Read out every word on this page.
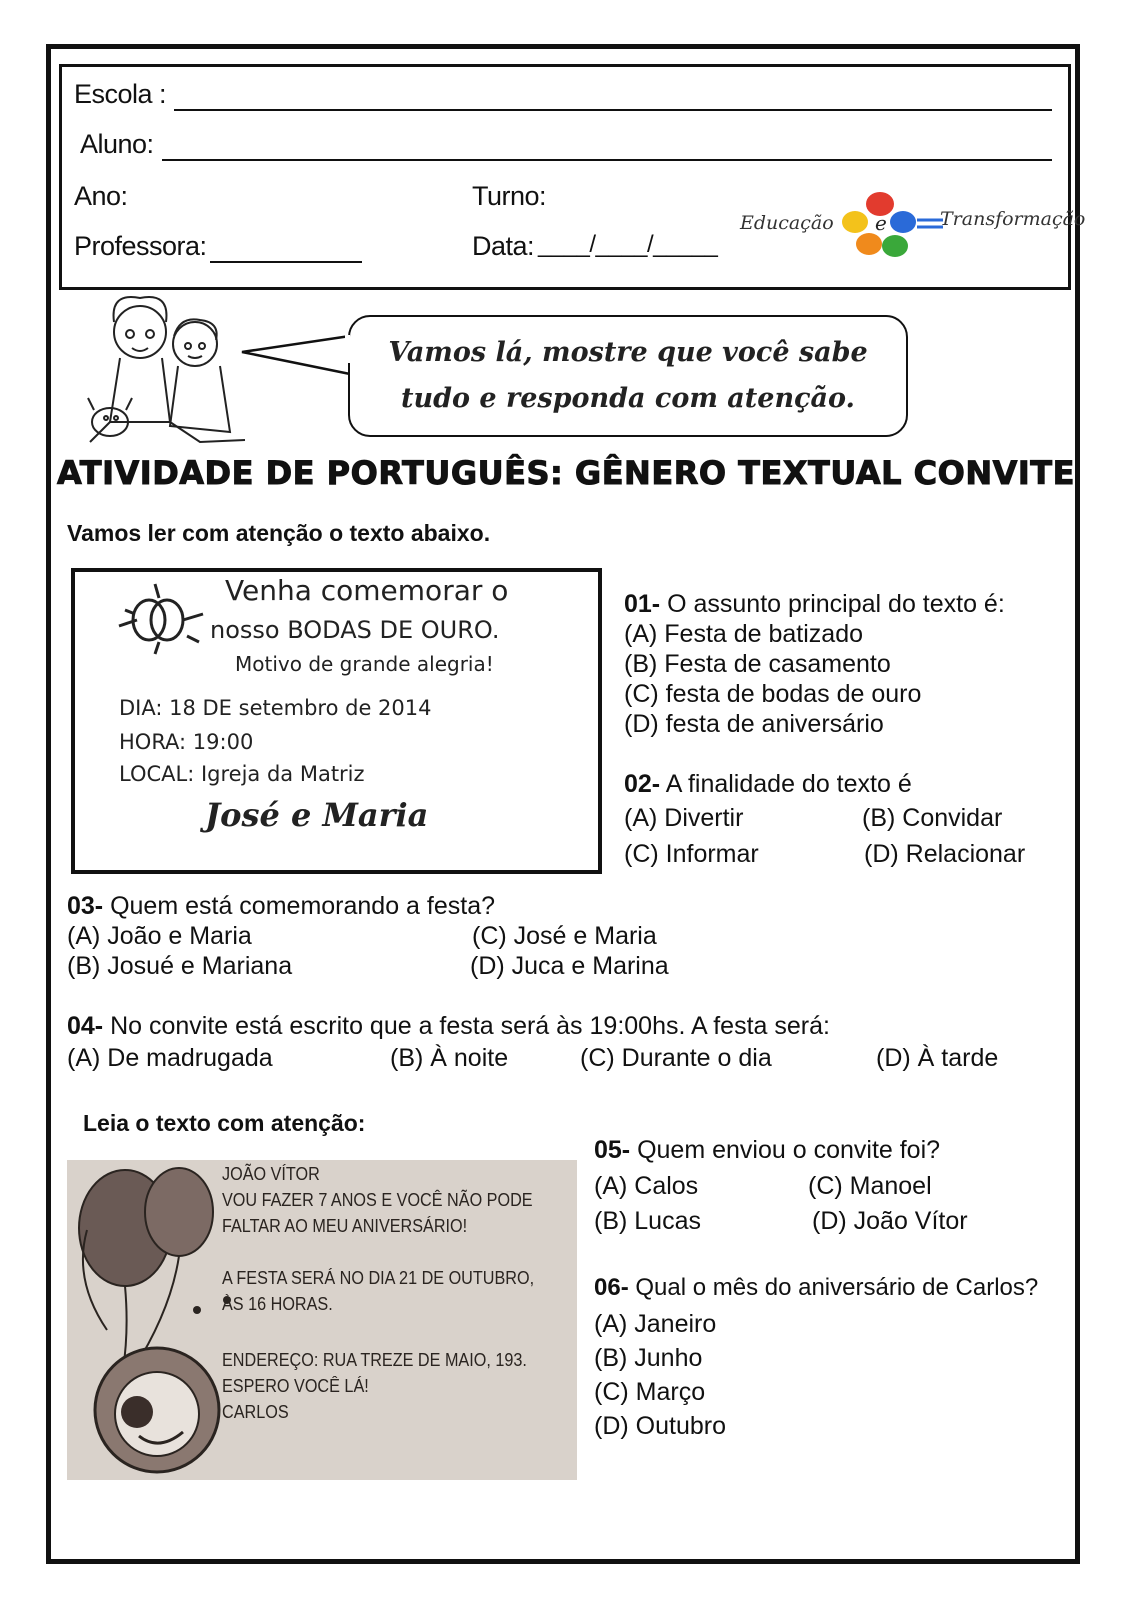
Escola :
Aluno:
Ano:	Turno:
Professora:	Data: ____/____/_____
Educação e	Transformação
Vamos lá, mostre que você sabe
tudo e responda com atenção.
ATIVIDADE DE PORTUGUÊS: GÊNERO TEXTUAL CONVITE
Vamos ler com atenção o texto abaixo.
Venha comemorar o
nosso BODAS DE OURO.
Motivo de grande alegria!
DIA: 18 DE setembro de 2014
HORA: 19:00
LOCAL: Igreja da Matriz
José e Maria
01- O assunto principal do texto é:
(A) Festa de batizado
(B) Festa de casamento
(C) festa de bodas de ouro
(D) festa de aniversário
02- A finalidade do texto é
(A) Divertir	(B) Convidar
(C) Informar	(D) Relacionar
03- Quem está comemorando a festa?
(A) João e Maria	(C) José e Maria
(B) Josué e Mariana	(D) Juca e Marina
04- No convite está escrito que a festa será às 19:00hs. A festa será:
(A) De madrugada	(B) À noite	(C) Durante o dia	(D) À tarde
Leia o texto com atenção:
JOÃO VÍTOR
VOU FAZER 7 ANOS E VOCÊ NÃO PODE
FALTAR AO MEU ANIVERSÁRIO!
A FESTA SERÁ NO DIA 21 DE OUTUBRO,
ÀS 16 HORAS.
ENDEREÇO: RUA TREZE DE MAIO, 193.
ESPERO VOCÊ LÁ!
CARLOS
05- Quem enviou o convite foi?
(A) Calos	(C) Manoel
(B) Lucas	(D) João Vítor
06- Qual o mês do aniversário de Carlos?
(A) Janeiro
(B) Junho
(C) Março
(D) Outubro
